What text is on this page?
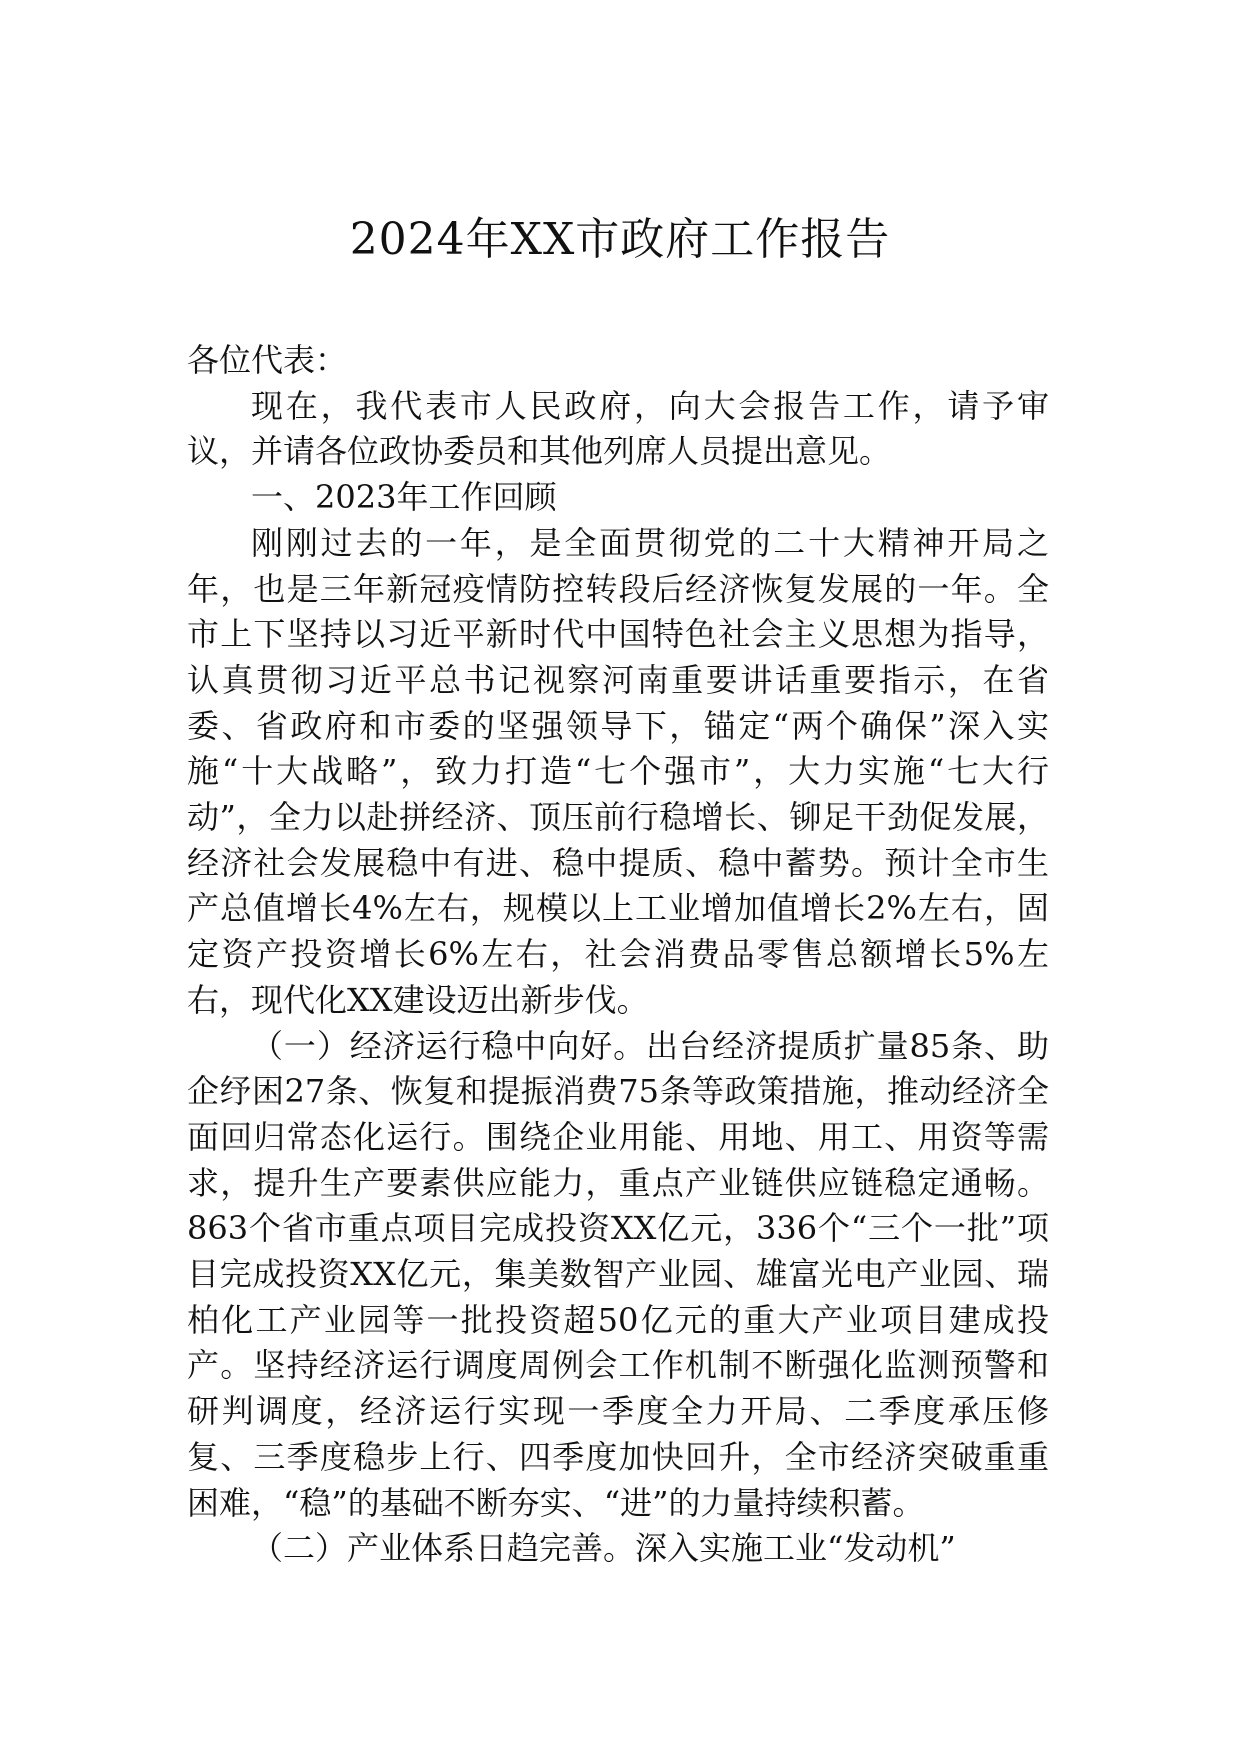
2024年XX市政府工作报告

各位代表：

现在，我代表市人民政府，向大会报告工作，请予审议，并请各位政协委员和其他列席人员提出意见。

一、2023年工作回顾

刚刚过去的一年，是全面贯彻党的二十大精神开局之年，也是三年新冠疫情防控转段后经济恢复发展的一年。全市上下坚持以习近平新时代中国特色社会主义思想为指导，认真贯彻习近平总书记视察河南重要讲话重要指示，在省委、省政府和市委的坚强领导下，锚定“两个确保”深入实施“十大战略”，致力打造“七个强市”，大力实施“七大行动”，全力以赴拼经济、顶压前行稳增长、铆足干劲促发展，经济社会发展稳中有进、稳中提质、稳中蓄势。预计全市生产总值增长4%左右，规模以上工业增加值增长2%左右，固定资产投资增长6%左右，社会消费品零售总额增长5%左右，现代化XX建设迈出新步伐。

（一）经济运行稳中向好。出台经济提质扩量85条、助企纾困27条、恢复和提振消费75条等政策措施，推动经济全面回归常态化运行。围绕企业用能、用地、用工、用资等需求，提升生产要素供应能力，重点产业链供应链稳定通畅。863个省市重点项目完成投资XX亿元，336个“三个一批”项目完成投资XX亿元，集美数智产业园、雄富光电产业园、瑞柏化工产业园等一批投资超50亿元的重大产业项目建成投产。坚持经济运行调度周例会工作机制不断强化监测预警和研判调度，经济运行实现一季度全力开局、二季度承压修复、三季度稳步上行、四季度加快回升，全市经济突破重重困难，“稳”的基础不断夯实、“进”的力量持续积蓄。

（二）产业体系日趋完善。深入实施工业“发动机”
